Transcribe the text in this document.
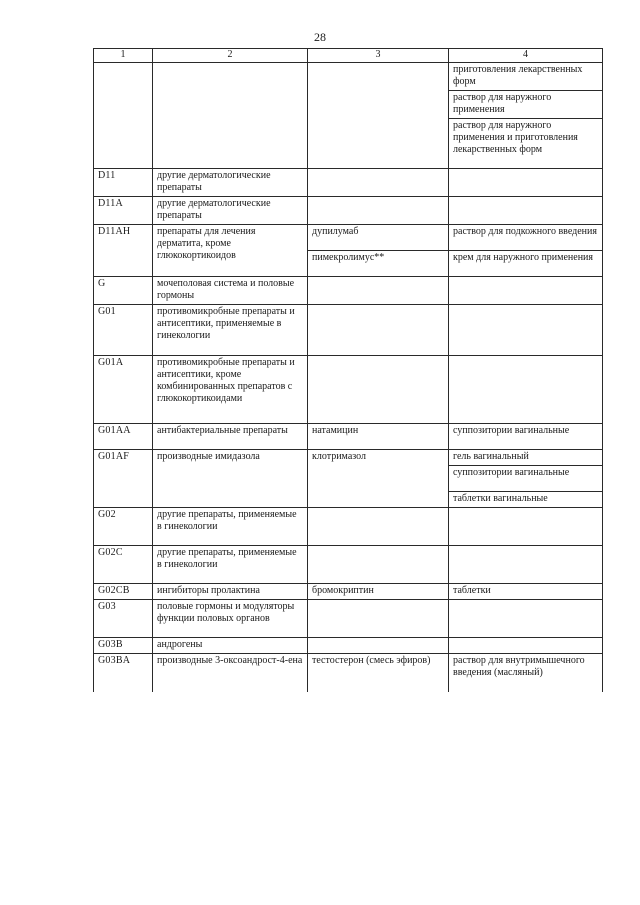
28
1	2	3	4
			приготовления лекарственных форм
			раствор для наружного применения
			раствор для наружного применения и приготовления лекарственных форм
D11	другие дерматологические препараты		
D11A	другие дерматологические препараты		
D11AH	препараты для лечения дерматита, кроме глюкокортикоидов	дупилумаб	раствор для подкожного введения
		пимекролимус**	крем для наружного применения
G	мочеполовая система и половые гормоны		
G01	противомикробные препараты и антисептики, применяемые в гинекологии		
G01A	противомикробные препараты и антисептики, кроме комбинированных препаратов с глюкокортикоидами		
G01AA	антибактериальные препараты	натамицин	суппозитории вагинальные
G01AF	производные имидазола	клотримазол	гель вагинальный
			суппозитории вагинальные
			таблетки вагинальные
G02	другие препараты, применяемые в гинекологии		
G02C	другие препараты, применяемые в гинекологии		
G02CB	ингибиторы пролактина	бромокриптин	таблетки
G03	половые гормоны и модуляторы функции половых органов		
G03B	андрогены		
G03BA	производные 3-оксоандрост-4-ена	тестостерон (смесь эфиров)	раствор для внутримышечного введения (масляный)
